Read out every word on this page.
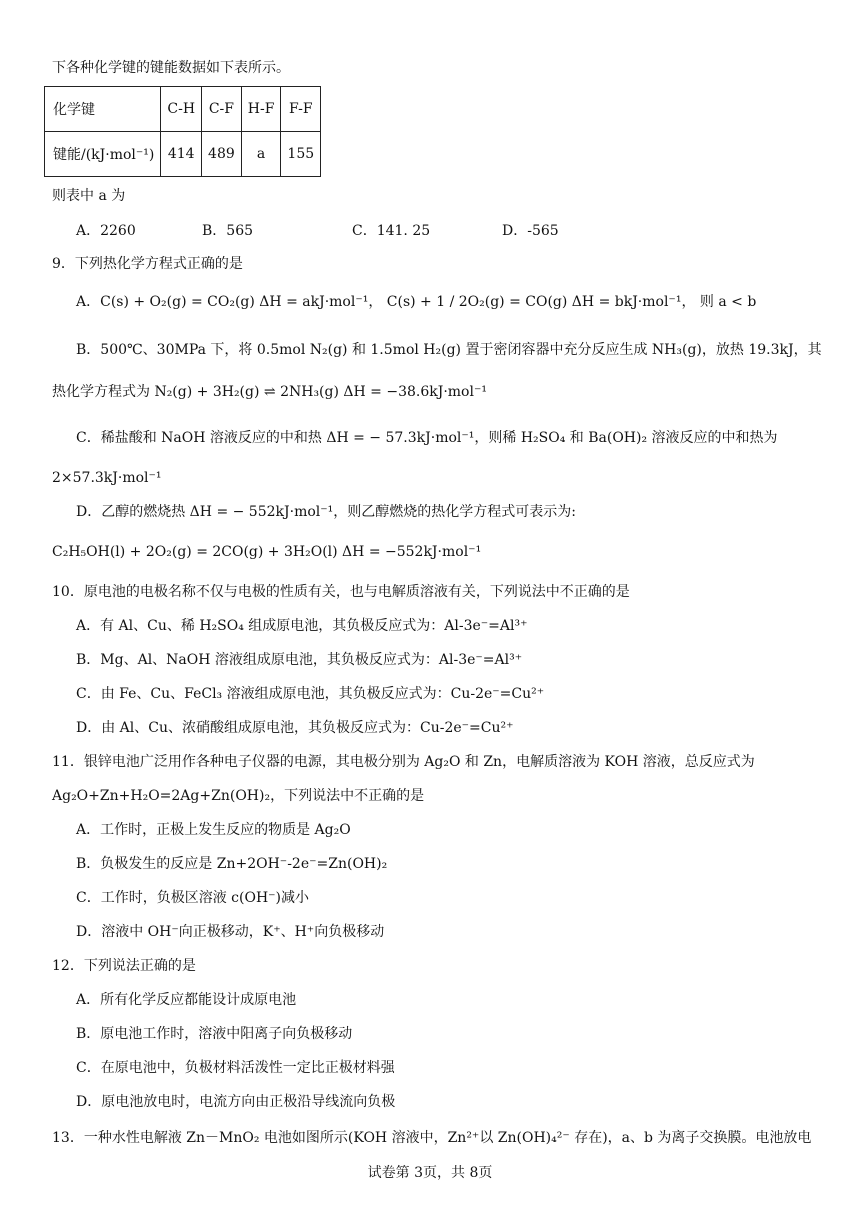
下各种化学键的键能数据如下表所示。
化学键	C-H	C-F	H-F	F-F
键能/(kJ·mol⁻¹)	414	489	a	155
则表中 a 为
A．2260	B．565	C．141. 25	D．-565
9．下列热化学方程式正确的是
A．C(s) + O₂(g) = CO₂(g) ΔH = akJ·mol⁻¹， C(s) + 1 / 2O₂(g) = CO(g) ΔH = bkJ·mol⁻¹， 则 a < b
B．500℃、30MPa 下，将 0.5mol N₂(g) 和 1.5mol H₂(g) 置于密闭容器中充分反应生成 NH₃(g)，放热 19.3kJ，其
热化学方程式为 N₂(g) + 3H₂(g) ⇌ 2NH₃(g) ΔH = −38.6kJ·mol⁻¹
C．稀盐酸和 NaOH 溶液反应的中和热 ΔH = − 57.3kJ·mol⁻¹，则稀 H₂SO₄ 和 Ba(OH)₂ 溶液反应的中和热为
2×57.3kJ·mol⁻¹
D．乙醇的燃烧热 ΔH = − 552kJ·mol⁻¹，则乙醇燃烧的热化学方程式可表示为:
C₂H₅OH(l) + 2O₂(g) = 2CO(g) + 3H₂O(l) ΔH = −552kJ·mol⁻¹
10．原电池的电极名称不仅与电极的性质有关，也与电解质溶液有关，下列说法中不正确的是
A．有 Al、Cu、稀 H₂SO₄ 组成原电池，其负极反应式为：Al-3e⁻=Al³⁺
B．Mg、Al、NaOH 溶液组成原电池，其负极反应式为：Al-3e⁻=Al³⁺
C．由 Fe、Cu、FeCl₃ 溶液组成原电池，其负极反应式为：Cu-2e⁻=Cu²⁺
D．由 Al、Cu、浓硝酸组成原电池，其负极反应式为：Cu-2e⁻=Cu²⁺
11．银锌电池广泛用作各种电子仪器的电源，其电极分别为 Ag₂O 和 Zn，电解质溶液为 KOH 溶液，总反应式为
Ag₂O+Zn+H₂O=2Ag+Zn(OH)₂，下列说法中不正确的是
A．工作时，正极上发生反应的物质是 Ag₂O
B．负极发生的反应是 Zn+2OH⁻-2e⁻=Zn(OH)₂
C．工作时，负极区溶液 c(OH⁻)减小
D．溶液中 OH⁻向正极移动，K⁺、H⁺向负极移动
12．下列说法正确的是
A．所有化学反应都能设计成原电池
B．原电池工作时，溶液中阳离子向负极移动
C．在原电池中，负极材料活泼性一定比正极材料强
D．原电池放电时，电流方向由正极沿导线流向负极
13．一种水性电解液 Zn－MnO₂ 电池如图所示(KOH 溶液中，Zn²⁺以 Zn(OH)₄²⁻ 存在)，a、b 为离子交换膜。电池放电
试卷第 3页，共 8页
